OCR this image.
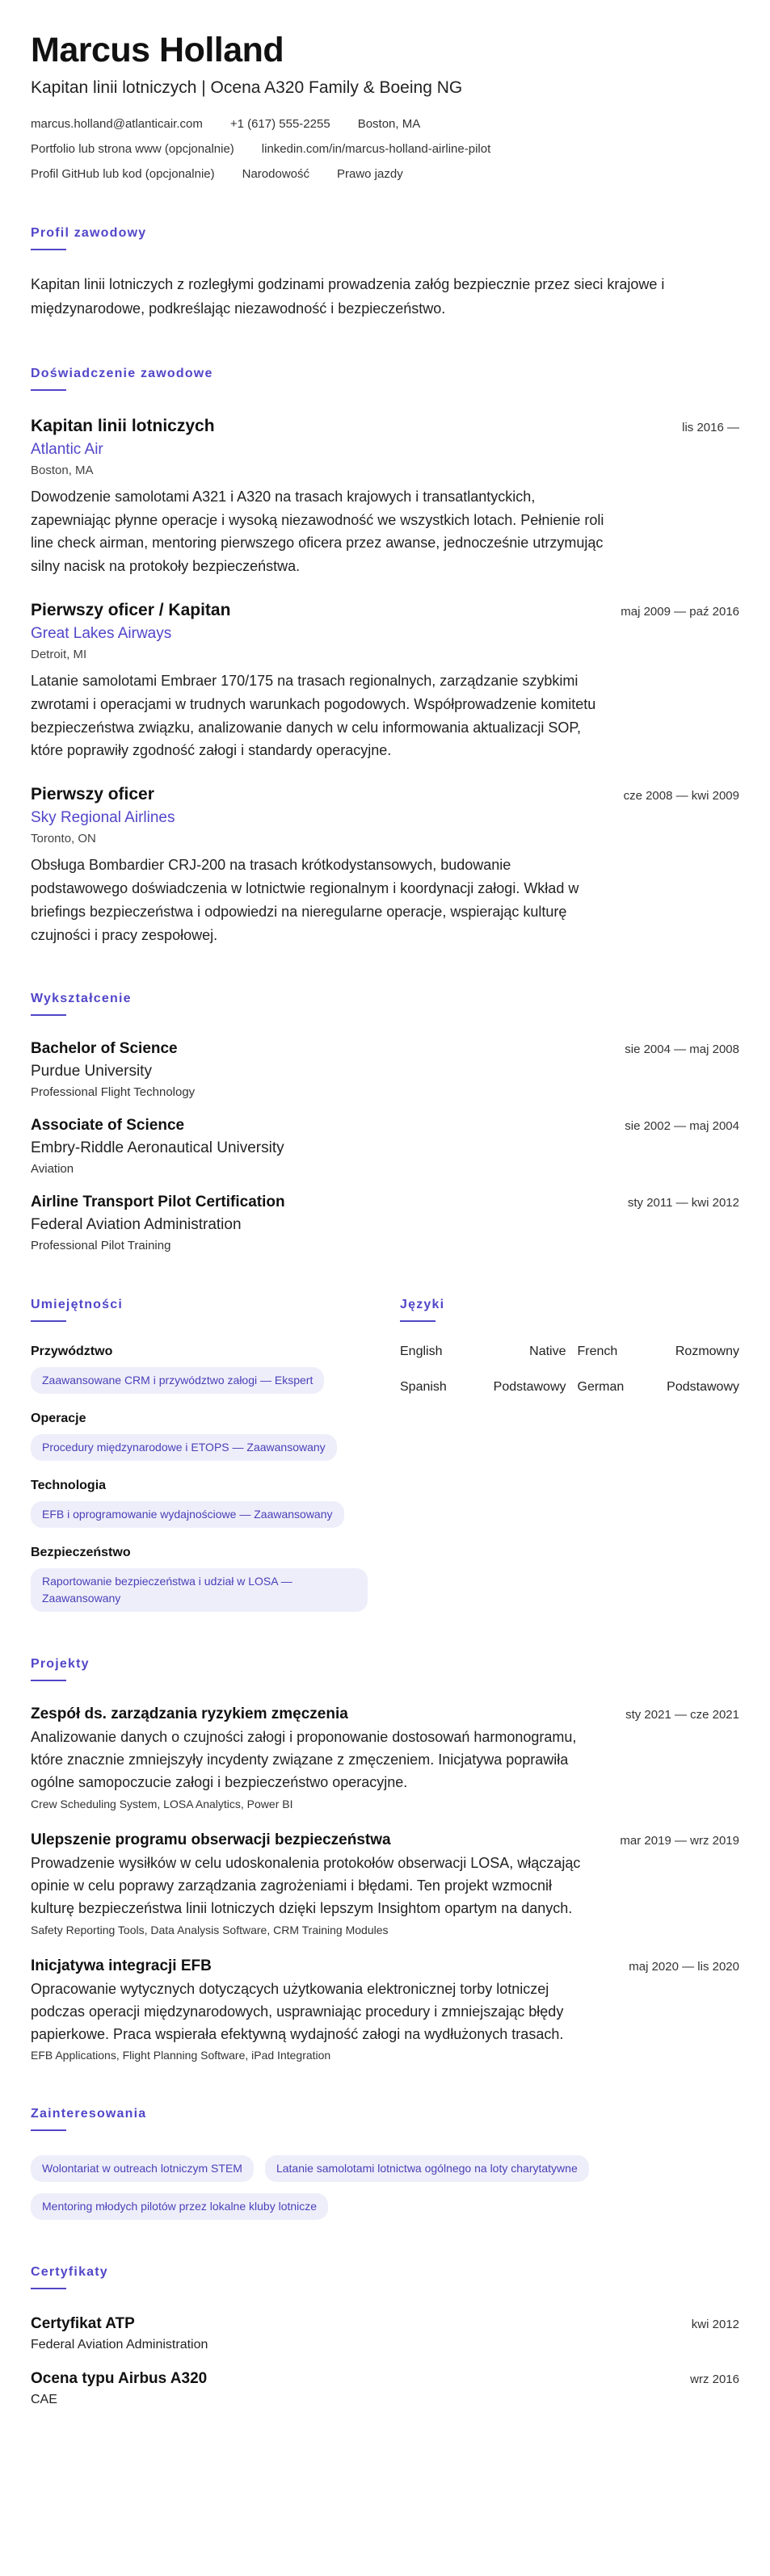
Marcus Holland
Kapitan linii lotniczych | Ocena A320 Family & Boeing NG
marcus.holland@atlanticair.com +1 (617) 555-2255 Boston, MA
Portfolio lub strona www (opcjonalnie) linkedin.com/in/marcus-holland-airline-pilot
Profil GitHub lub kod (opcjonalnie) Narodowość Prawo jazdy
Profil zawodowy

Kapitan linii lotniczych z rozległymi godzinami prowadzenia załóg bezpiecznie przez sieci krajowe i międzynarodowe, podkreślając niezawodność i bezpieczeństwo.

Doświadczenie zawodowe
Kapitan linii lotniczych	lis 2016 —
Atlantic Air
Boston, MA

Dowodzenie samolotami A321 i A320 na trasach krajowych i transatlantyckich, zapewniając płynne operacje i wysoką niezawodność we wszystkich lotach. Pełnienie roli line check airman, mentoring pierwszego oficera przez awanse, jednocześnie utrzymując silny nacisk na protokoły bezpieczeństwa.

Pierwszy oficer / Kapitan	maj 2009 — paź 2016
Great Lakes Airways
Detroit, MI

Latanie samolotami Embraer 170/175 na trasach regionalnych, zarządzanie szybkimi zwrotami i operacjami w trudnych warunkach pogodowych. Współprowadzenie komitetu bezpieczeństwa związku, analizowanie danych w celu informowania aktualizacji SOP, które poprawiły zgodność załogi i standardy operacyjne.

Pierwszy oficer	cze 2008 — kwi 2009
Sky Regional Airlines
Toronto, ON

Obsługa Bombardier CRJ-200 na trasach krótkodystansowych, budowanie podstawowego doświadczenia w lotnictwie regionalnym i koordynacji załogi. Wkład w briefings bezpieczeństwa i odpowiedzi na nieregularne operacje, wspierając kulturę czujności i pracy zespołowej.

Wykształcenie
Bachelor of Science	sie 2004 — maj 2008
Purdue University
Professional Flight Technology
Associate of Science	sie 2002 — maj 2004
Embry-Riddle Aeronautical University
Aviation
Airline Transport Pilot Certification	sty 2011 — kwi 2012
Federal Aviation Administration
Professional Pilot Training
Umiejętności
Przywództwo
Zaawansowane CRM i przywództwo załogi — Ekspert
Operacje
Procedury międzynarodowe i ETOPS — Zaawansowany
Technologia
EFB i oprogramowanie wydajnościowe — Zaawansowany
Bezpieczeństwo
Raportowanie bezpieczeństwa i udział w LOSA — Zaawansowany
Języki
English	Native	French	Rozmowny
Spanish	Podstawowy	German	Podstawowy
Projekty
Zespół ds. zarządzania ryzykiem zmęczenia	sty 2021 — cze 2021

Analizowanie danych o czujności załogi i proponowanie dostosowań harmonogramu, które znacznie zmniejszyły incydenty związane z zmęczeniem. Inicjatywa poprawiła ogólne samopoczucie załogi i bezpieczeństwo operacyjne.

Crew Scheduling System, LOSA Analytics, Power BI
Ulepszenie programu obserwacji bezpieczeństwa	mar 2019 — wrz 2019

Prowadzenie wysiłków w celu udoskonalenia protokołów obserwacji LOSA, włączając opinie w celu poprawy zarządzania zagrożeniami i błędami. Ten projekt wzmocnił kulturę bezpieczeństwa linii lotniczych dzięki lepszym Insightom opartym na danych.

Safety Reporting Tools, Data Analysis Software, CRM Training Modules
Inicjatywa integracji EFB	maj 2020 — lis 2020

Opracowanie wytycznych dotyczących użytkowania elektronicznej torby lotniczej podczas operacji międzynarodowych, usprawniając procedury i zmniejszając błędy papierkowe. Praca wspierała efektywną wydajność załogi na wydłużonych trasach.

EFB Applications, Flight Planning Software, iPad Integration
Zainteresowania
Wolontariat w outreach lotniczym STEM	Latanie samolotami lotnictwa ogólnego na loty charytatywne
Mentoring młodych pilotów przez lokalne kluby lotnicze
Certyfikaty
Certyfikat ATP	kwi 2012
Federal Aviation Administration
Ocena typu Airbus A320	wrz 2016
CAE
